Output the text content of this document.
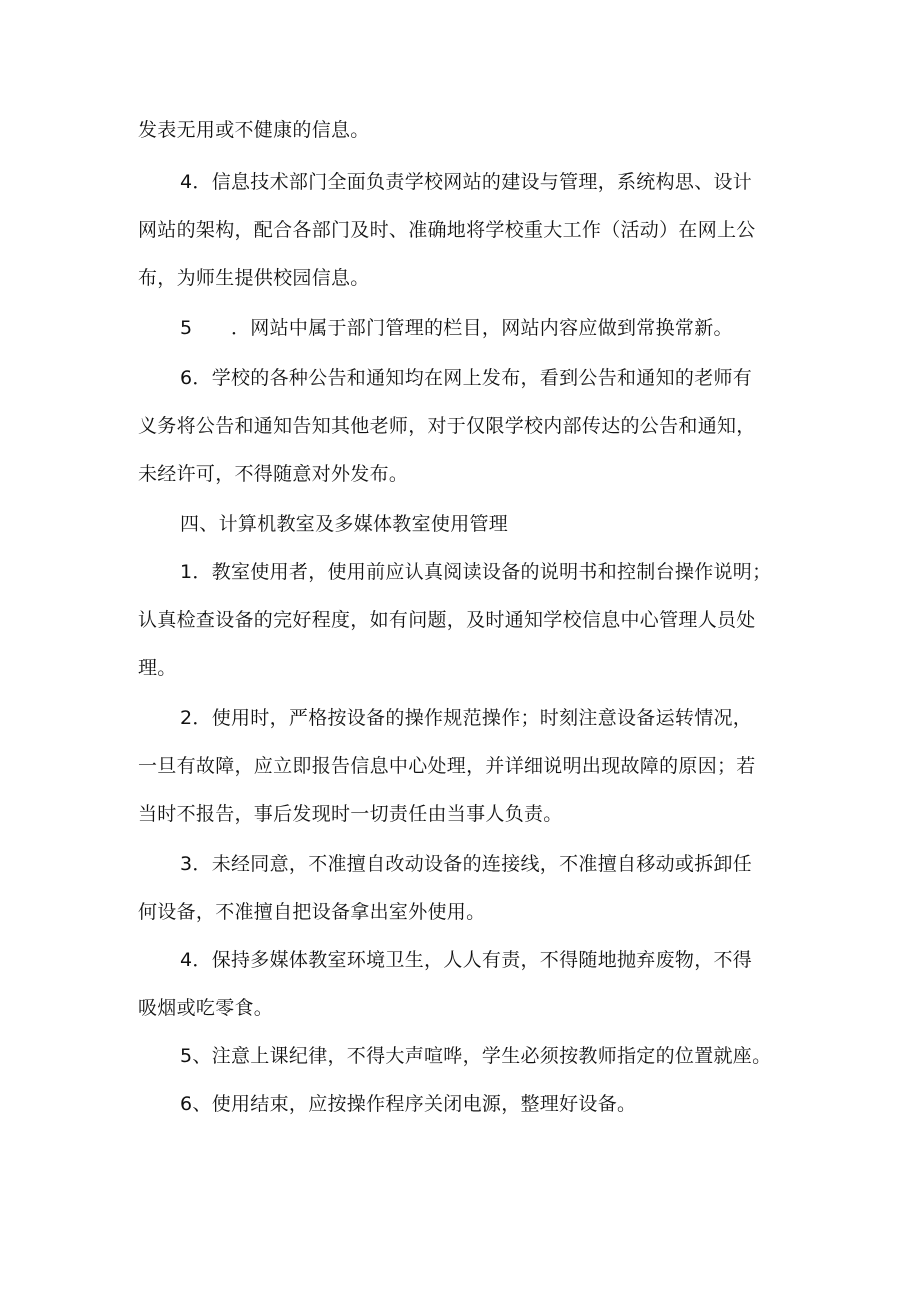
发表无用或不健康的信息。
4．信息技术部门全面负责学校网站的建设与管理，系统构思、设计
网站的架构，配合各部门及时、准确地将学校重大工作（活动）在网上公
布，为师生提供校园信息。
5　　．网站中属于部门管理的栏目，网站内容应做到常换常新。
6．学校的各种公告和通知均在网上发布，看到公告和通知的老师有
义务将公告和通知告知其他老师，对于仅限学校内部传达的公告和通知，
未经许可，不得随意对外发布。
四、计算机教室及多媒体教室使用管理
1．教室使用者，使用前应认真阅读设备的说明书和控制台操作说明；
认真检查设备的完好程度，如有问题，及时通知学校信息中心管理人员处
理。
2．使用时，严格按设备的操作规范操作；时刻注意设备运转情况，
一旦有故障，应立即报告信息中心处理，并详细说明出现故障的原因；若
当时不报告，事后发现时一切责任由当事人负责。
3．未经同意，不准擅自改动设备的连接线，不准擅自移动或拆卸任
何设备，不准擅自把设备拿出室外使用。
4．保持多媒体教室环境卫生，人人有责，不得随地抛弃废物，不得
吸烟或吃零食。
5、注意上课纪律，不得大声喧哗，学生必须按教师指定的位置就座。
6、使用结束，应按操作程序关闭电源，整理好设备。
